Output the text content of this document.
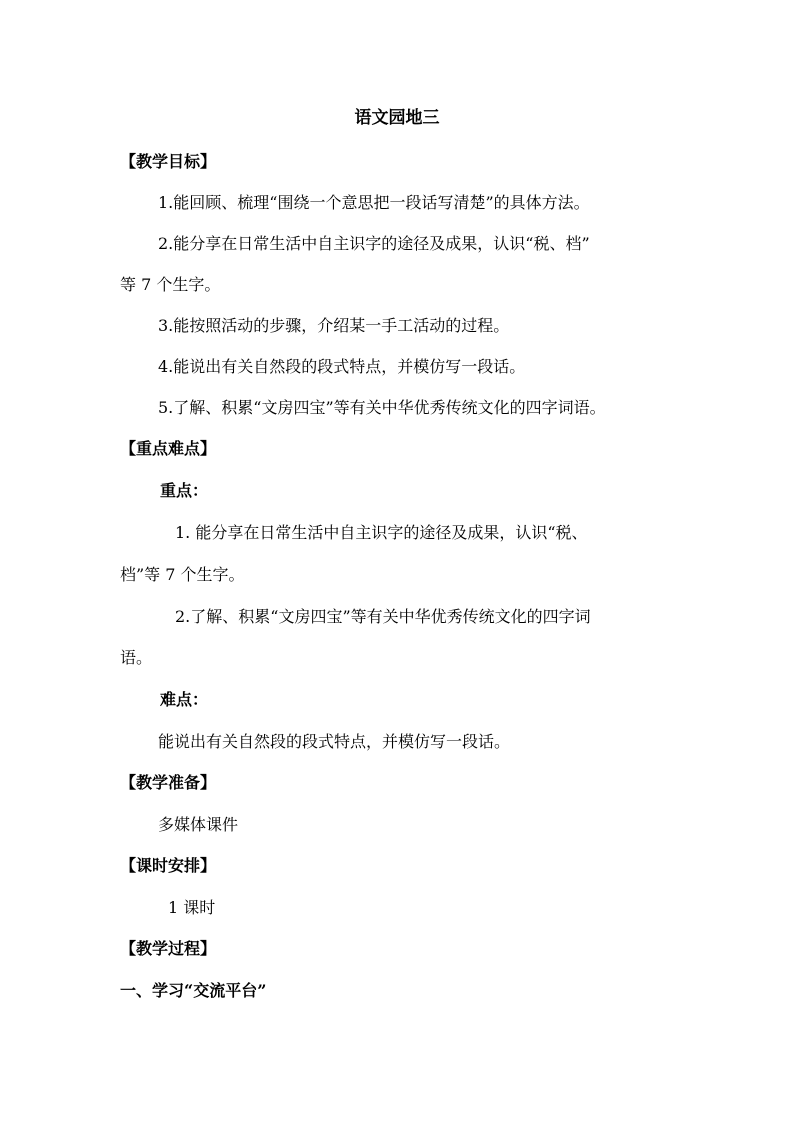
语文园地三
【教学目标】
1.能回顾、梳理“围绕一个意思把一段话写清楚”的具体方法。
2.能分享在日常生活中自主识字的途径及成果，认识“税、档”
等 7 个生字。
3.能按照活动的步骤，介绍某一手工活动的过程。
4.能说出有关自然段的段式特点，并模仿写一段话。
5.了解、积累“文房四宝”等有关中华优秀传统文化的四字词语。
【重点难点】
重点：
1. 能分享在日常生活中自主识字的途径及成果，认识“税、
档”等 7 个生字。
2.了解、积累“文房四宝”等有关中华优秀传统文化的四字词
语。
难点：
能说出有关自然段的段式特点，并模仿写一段话。
【教学准备】
多媒体课件
【课时安排】
1 课时
【教学过程】
一、学习“交流平台”
